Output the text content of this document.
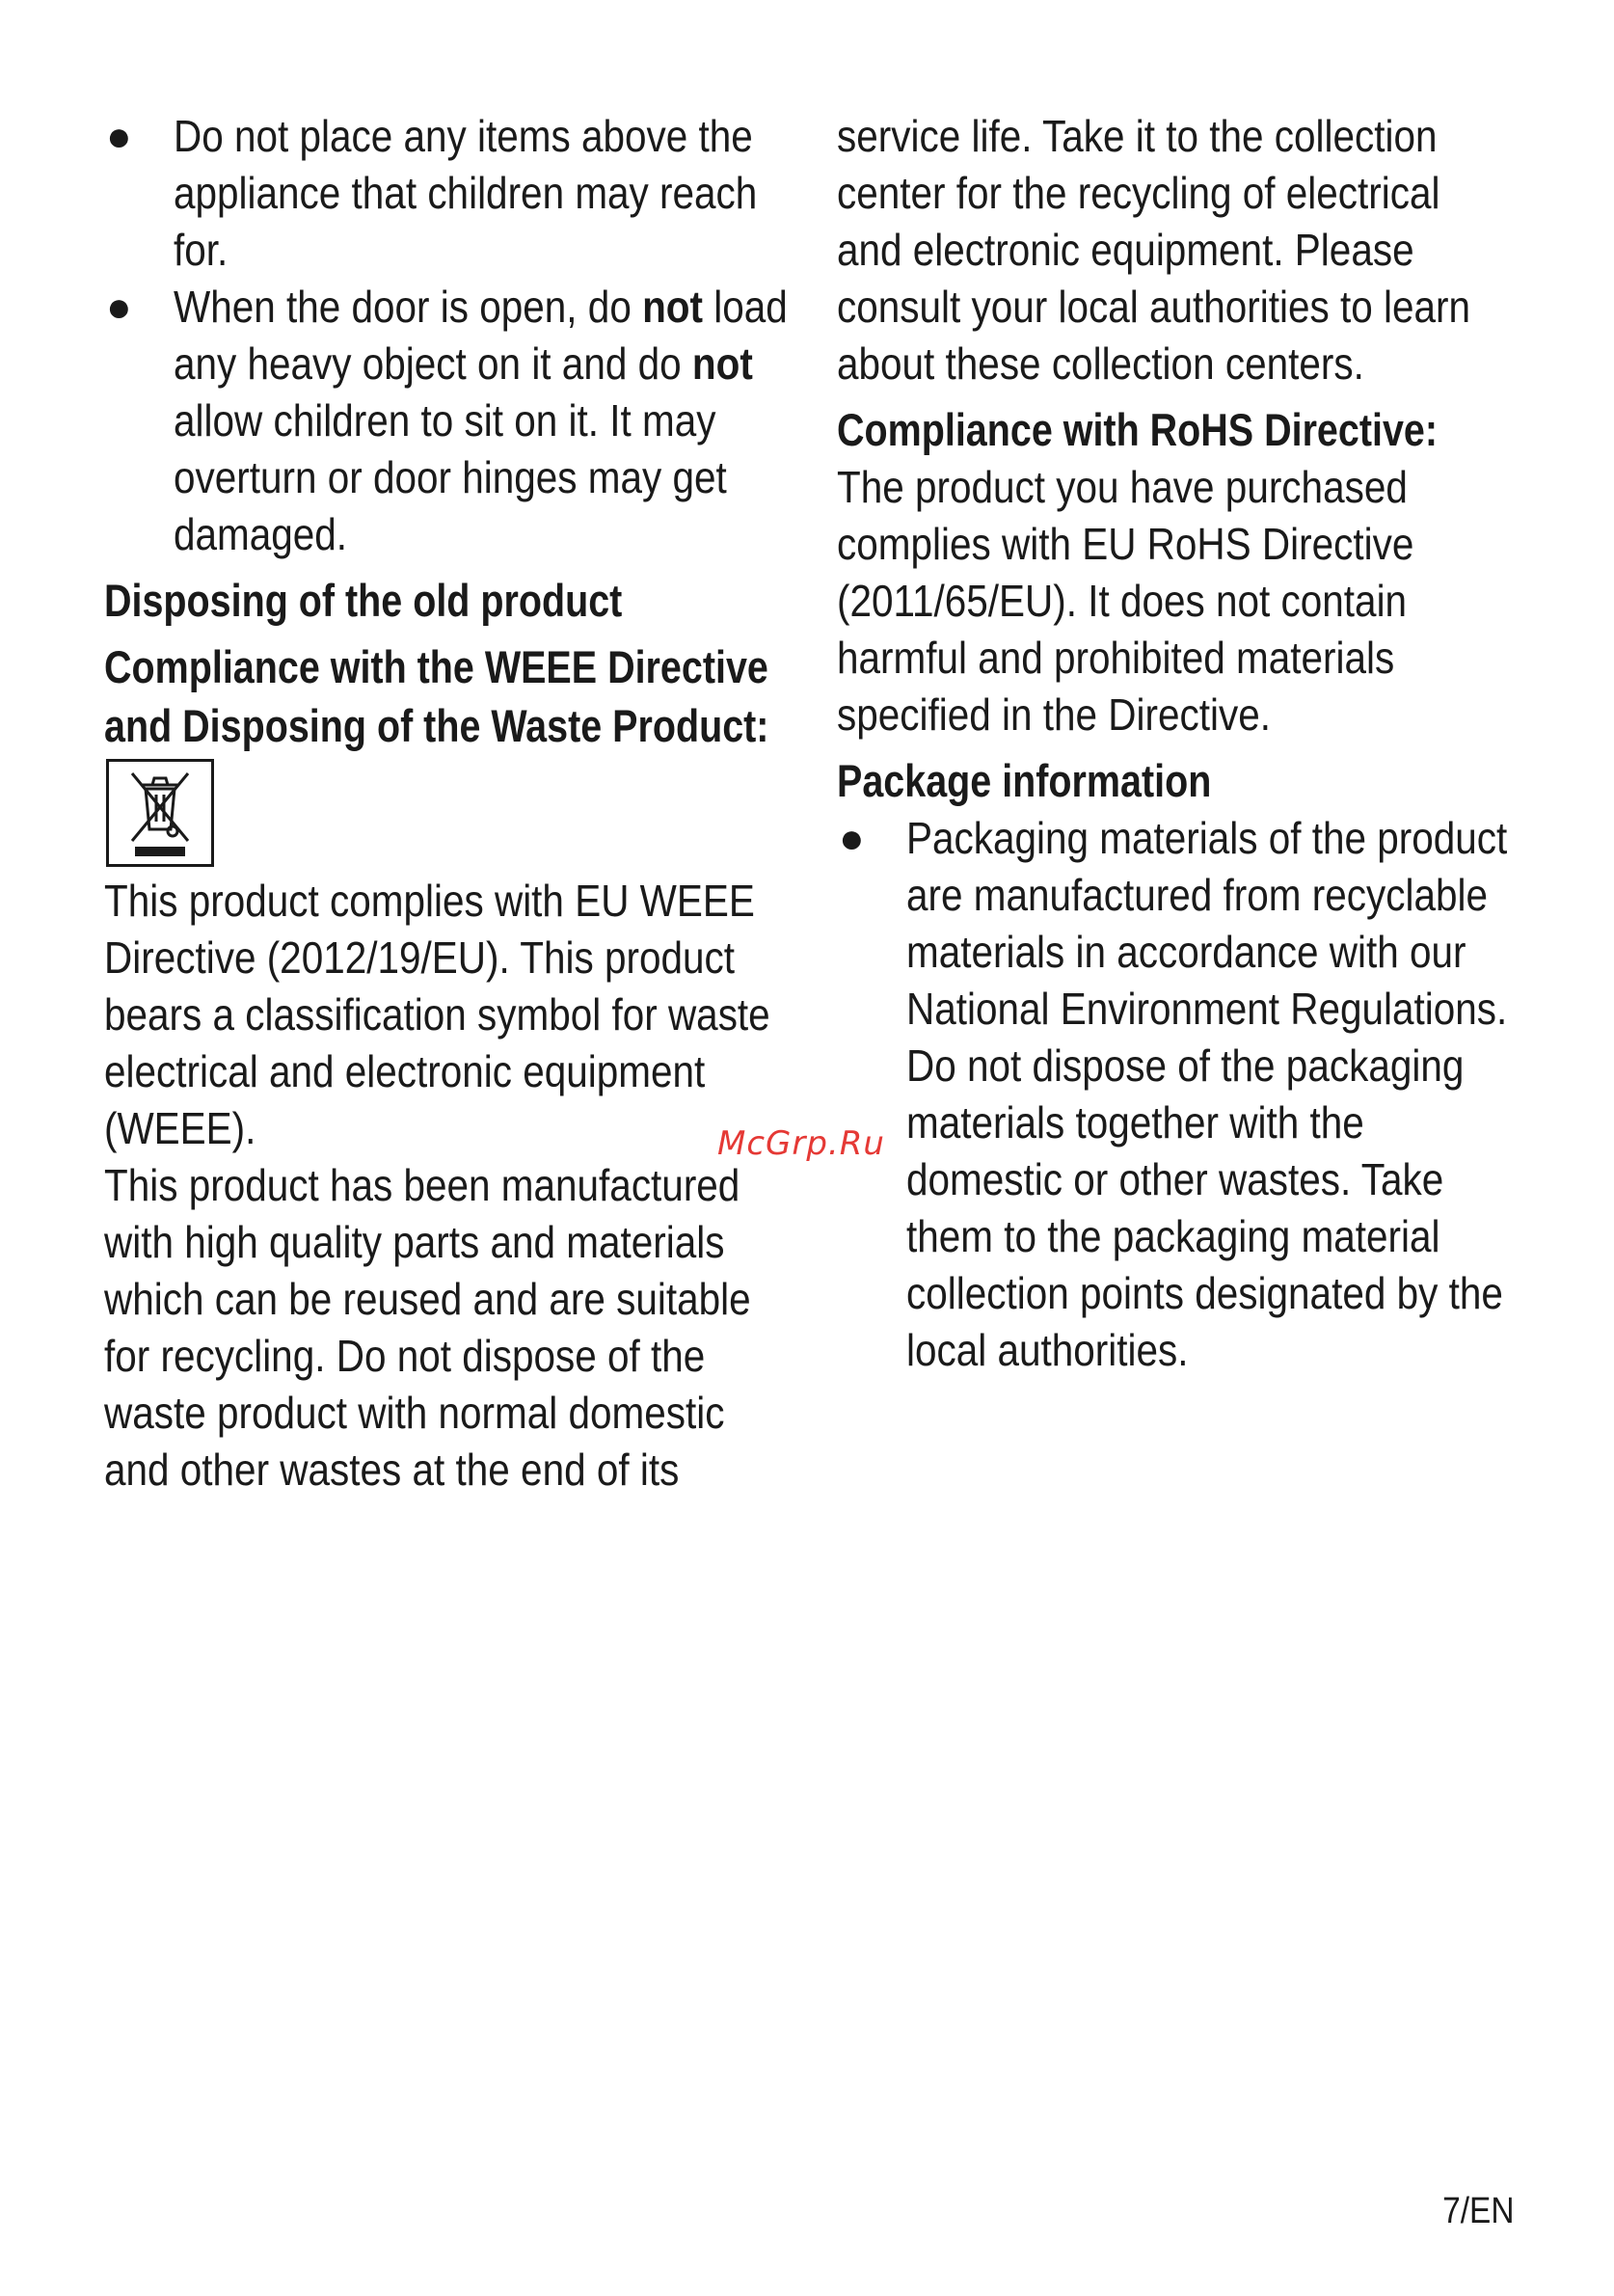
● Do not place any items above the appliance that children may reach for.

● When the door is open, do not load any heavy object on it and do not allow children to sit on it. It may overturn or door hinges may get damaged.

Disposing of the old product
Compliance with the WEEE Directive and Disposing of the Waste Product:

This product complies with EU WEEE Directive (2012/19/EU). This product bears a classification symbol for waste electrical and electronic equipment (WEEE).

This product has been manufactured with high quality parts and materials which can be reused and are suitable for recycling. Do not dispose of the waste product with normal domestic and other wastes at the end of its

service life. Take it to the collection center for the recycling of electrical and electronic equipment. Please consult your local authorities to learn about these collection centers.

Compliance with RoHS Directive:

The product you have purchased complies with EU RoHS Directive (2011/65/EU). It does not contain harmful and prohibited materials specified in the Directive.

Package information
● Packaging materials of the product are manufactured from recyclable materials in accordance with our National Environment Regulations. Do not dispose of the packaging materials together with the domestic or other wastes. Take them to the packaging material collection points designated by the local authorities.

McGrp.Ru
7/EN
